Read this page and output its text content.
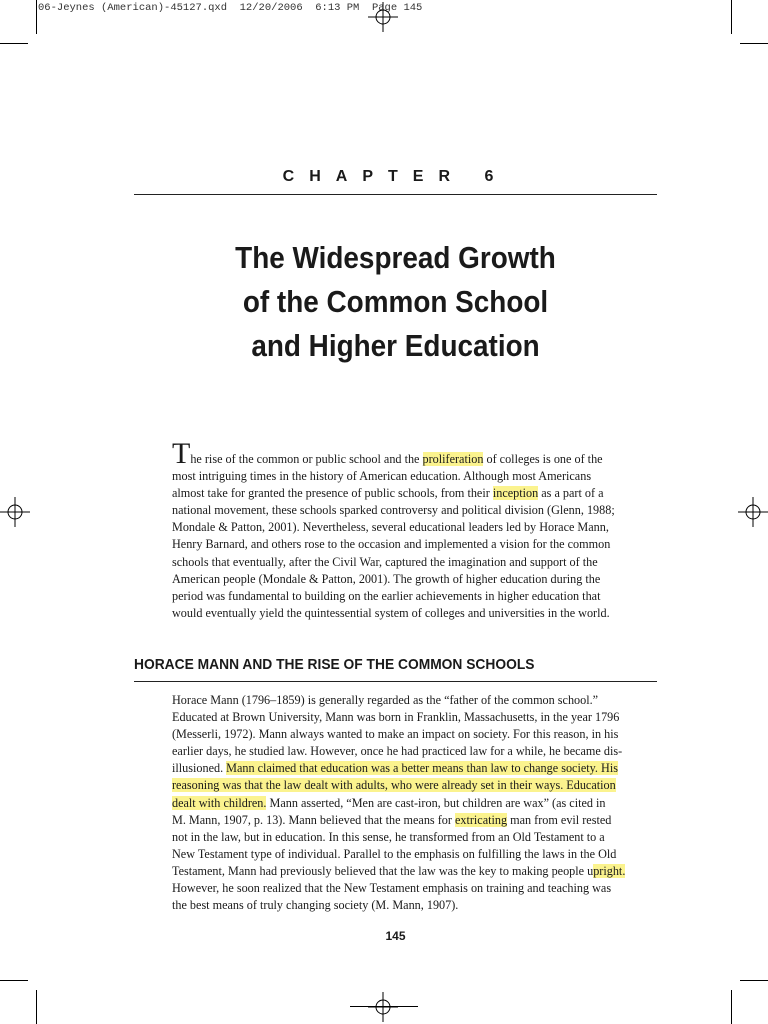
06-Jeynes (American)-45127.qxd  12/20/2006  6:13 PM  Page 145
CHAPTER 6
The Widespread Growth
of the Common School
and Higher Education
The rise of the common or public school and the proliferation of colleges is one of the
most intriguing times in the history of American education. Although most Americans
almost take for granted the presence of public schools, from their inception as a part of a
national movement, these schools sparked controversy and political division (Glenn, 1988;
Mondale & Patton, 2001). Nevertheless, several educational leaders led by Horace Mann,
Henry Barnard, and others rose to the occasion and implemented a vision for the common
schools that eventually, after the Civil War, captured the imagination and support of the
American people (Mondale & Patton, 2001). The growth of higher education during the
period was fundamental to building on the earlier achievements in higher education that
would eventually yield the quintessential system of colleges and universities in the world.
HORACE MANN AND THE RISE OF THE COMMON SCHOOLS
Horace Mann (1796–1859) is generally regarded as the “father of the common school.”
Educated at Brown University, Mann was born in Franklin, Massachusetts, in the year 1796
(Messerli, 1972). Mann always wanted to make an impact on society. For this reason, in his
earlier days, he studied law. However, once he had practiced law for a while, he became dis-
illusioned. Mann claimed that education was a better means than law to change society. His
reasoning was that the law dealt with adults, who were already set in their ways. Education
dealt with children. Mann asserted, “Men are cast-iron, but children are wax” (as cited in
M. Mann, 1907, p. 13). Mann believed that the means for extricating man from evil rested
not in the law, but in education. In this sense, he transformed from an Old Testament to a
New Testament type of individual. Parallel to the emphasis on fulfilling the laws in the Old
Testament, Mann had previously believed that the law was the key to making people upright.
However, he soon realized that the New Testament emphasis on training and teaching was
the best means of truly changing society (M. Mann, 1907).
145
